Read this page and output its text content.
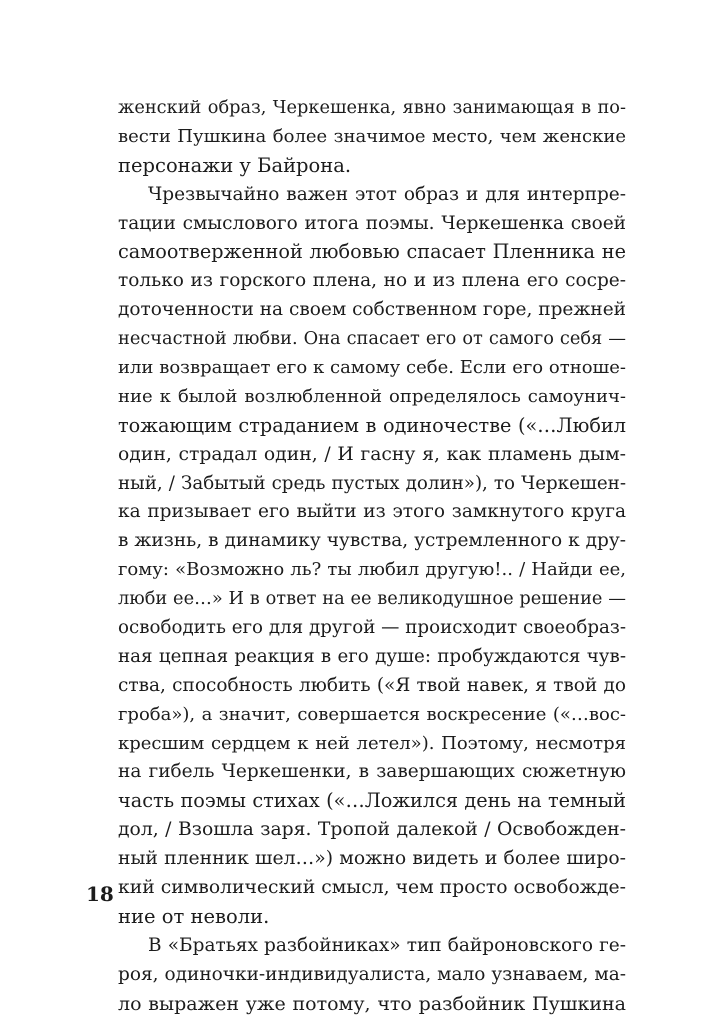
женский образ, Черкешенка, явно занимающая в по-
вести Пушкина более значимое место, чем женские
персонажи у Байрона.
Чрезвычайно важен этот образ и для интерпре-
тации смыслового итога поэмы. Черкешенка своей
самоотверженной любовью спасает Пленника не
только из горского плена, но и из плена его сосре-
доточенности на своем собственном горе, прежней
несчастной любви. Она спасает его от самого себя —
или возвращает его к самому себе. Если его отноше-
ние к былой возлюбленной определялось самоунич-
тожающим страданием в одиночестве («…Любил
один, страдал один, / И гасну я, как пламень дым-
ный, / Забытый средь пустых долин»), то Черкешен-
ка призывает его выйти из этого замкнутого круга
в жизнь, в динамику чувства, устремленного к дру-
гому: «Возможно ль? ты любил другую!.. / Найди ее,
люби ее…» И в ответ на ее великодушное решение —
освободить его для другой — происходит своеобраз-
ная цепная реакция в его душе: пробуждаются чув-
ства, способность любить («Я твой навек, я твой до
гроба»), а значит, совершается воскресение («…вос-
кресшим сердцем к ней летел»). Поэтому, несмотря
на гибель Черкешенки, в завершающих сюжетную
часть поэмы стихах («…Ложился день на темный
дол, / Взошла заря. Тропой далекой / Освобожден-
ный пленник шел…») можно видеть и более широ-
кий символический смысл, чем просто освобожде-
ние от неволи.
В «Братьях разбойниках» тип байроновского ге-
роя, одиночки-индивидуалиста, мало узнаваем, ма-
ло выражен уже потому, что разбойник Пушкина
18
